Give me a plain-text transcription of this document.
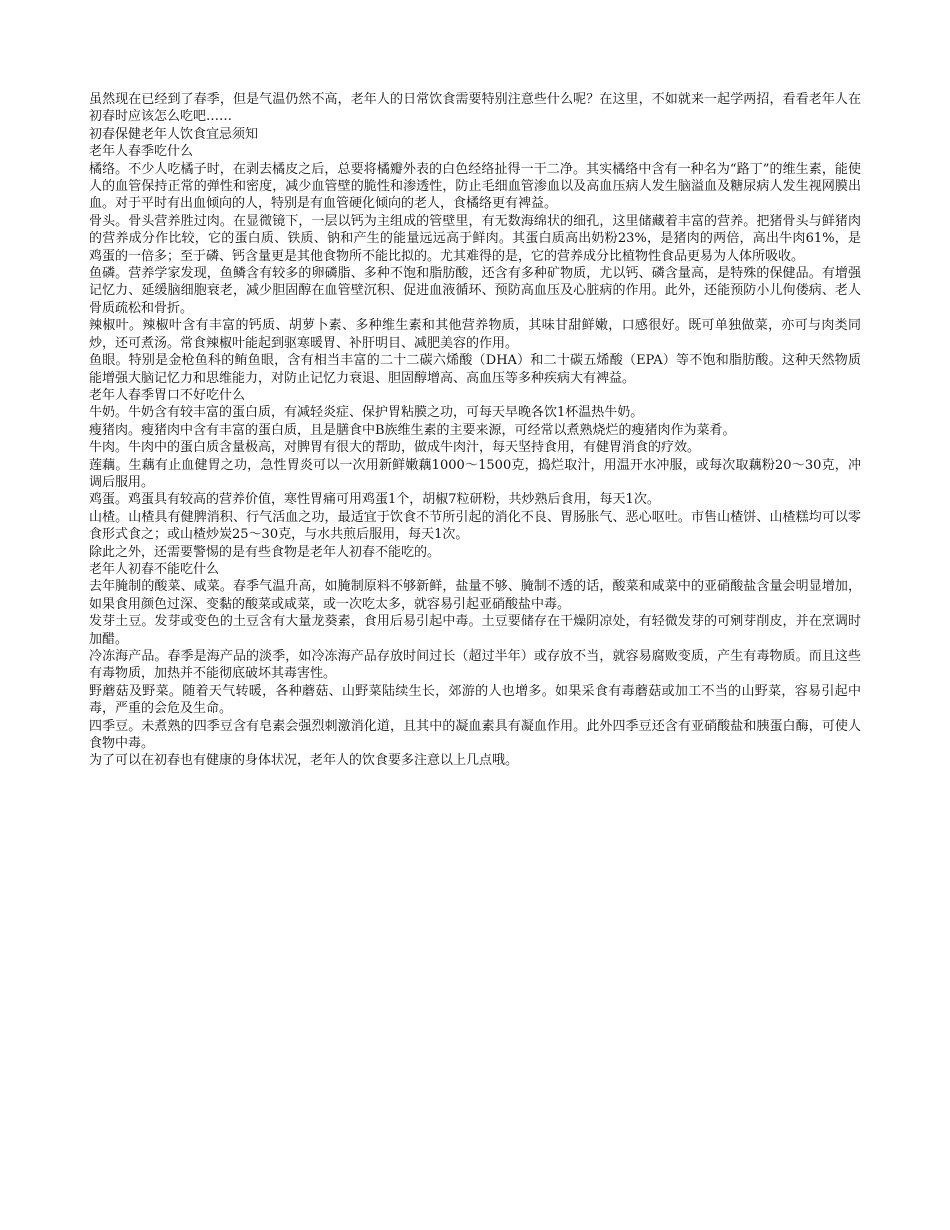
虽然现在已经到了春季，但是气温仍然不高，老年人的日常饮食需要特别注意些什么呢？在这里，不如就来一起学两招，看看老年人在初春时应该怎么吃吧……

初春保健老年人饮食宜忌须知

老年人春季吃什么

橘络。不少人吃橘子时，在剥去橘皮之后，总要将橘瓣外表的白色经络扯得一干二净。其实橘络中含有一种名为“路丁”的维生素，能使人的血管保持正常的弹性和密度，减少血管壁的脆性和渗透性，防止毛细血管渗血以及高血压病人发生脑溢血及糖尿病人发生视网膜出血。对于平时有出血倾向的人，特别是有血管硬化倾向的老人，食橘络更有裨益。

骨头。骨头营养胜过肉。在显微镜下，一层以钙为主组成的管壁里，有无数海绵状的细孔，这里储藏着丰富的营养。把猪骨头与鲜猪肉的营养成分作比较，它的蛋白质、铁质、钠和产生的能量远远高于鲜肉。其蛋白质高出奶粉23%，是猪肉的两倍，高出牛肉61%，是鸡蛋的一倍多；至于磷、钙含量更是其他食物所不能比拟的。尤其难得的是，它的营养成分比植物性食品更易为人体所吸收。

鱼磷。营养学家发现，鱼鳞含有较多的卵磷脂、多种不饱和脂肪酸，还含有多种矿物质，尤以钙、磷含量高，是特殊的保健品。有增强记忆力、延缓脑细胞衰老，减少胆固醇在血管壁沉积、促进血液循环、预防高血压及心脏病的作用。此外，还能预防小儿佝偻病、老人骨质疏松和骨折。

辣椒叶。辣椒叶含有丰富的钙质、胡萝卜素、多种维生素和其他营养物质，其味甘甜鲜嫩，口感很好。既可单独做菜，亦可与肉类同炒，还可煮汤。常食辣椒叶能起到驱寒暖胃、补肝明目、减肥美容的作用。

鱼眼。特别是金枪鱼科的鲔鱼眼，含有相当丰富的二十二碳六烯酸（DHA）和二十碳五烯酸（EPA）等不饱和脂肪酸。这种天然物质能增强大脑记忆力和思维能力，对防止记忆力衰退、胆固醇增高、高血压等多种疾病大有裨益。

老年人春季胃口不好吃什么

牛奶。牛奶含有较丰富的蛋白质，有减轻炎症、保护胃粘膜之功，可每天早晚各饮1杯温热牛奶。

瘦猪肉。瘦猪肉中含有丰富的蛋白质，且是膳食中B族维生素的主要来源，可经常以煮熟烧烂的瘦猪肉作为菜肴。

牛肉。牛肉中的蛋白质含量极高，对脾胃有很大的帮助，做成牛肉汁，每天坚持食用，有健胃消食的疗效。

莲藕。生藕有止血健胃之功，急性胃炎可以一次用新鲜嫩藕1000～1500克，捣烂取汁，用温开水冲服，或每次取藕粉20～30克，冲调后服用。

鸡蛋。鸡蛋具有较高的营养价值，寒性胃痛可用鸡蛋1个，胡椒7粒研粉，共炒熟后食用，每天1次。

山楂。山楂具有健脾消积、行气活血之功，最适宜于饮食不节所引起的消化不良、胃肠胀气、恶心呕吐。市售山楂饼、山楂糕均可以零食形式食之；或山楂炒炭25～30克，与水共煎后服用，每天1次。

除此之外，还需要警惕的是有些食物是老年人初春不能吃的。

老年人初春不能吃什么

去年腌制的酸菜、咸菜。春季气温升高，如腌制原料不够新鲜，盐量不够、腌制不透的话，酸菜和咸菜中的亚硝酸盐含量会明显增加，如果食用颜色过深、变黏的酸菜或咸菜，或一次吃太多，就容易引起亚硝酸盐中毒。

发芽土豆。发芽或变色的土豆含有大量龙葵素，食用后易引起中毒。土豆要储存在干燥阴凉处，有轻微发芽的可剜芽削皮，并在烹调时加醋。

冷冻海产品。春季是海产品的淡季，如冷冻海产品存放时间过长（超过半年）或存放不当，就容易腐败变质，产生有毒物质。而且这些有毒物质，加热并不能彻底破坏其毒害性。

野蘑菇及野菜。随着天气转暖，各种蘑菇、山野菜陆续生长，郊游的人也增多。如果采食有毒蘑菇或加工不当的山野菜，容易引起中毒，严重的会危及生命。

四季豆。未煮熟的四季豆含有皂素会强烈刺激消化道，且其中的凝血素具有凝血作用。此外四季豆还含有亚硝酸盐和胰蛋白酶，可使人食物中毒。

为了可以在初春也有健康的身体状况，老年人的饮食要多注意以上几点哦。
